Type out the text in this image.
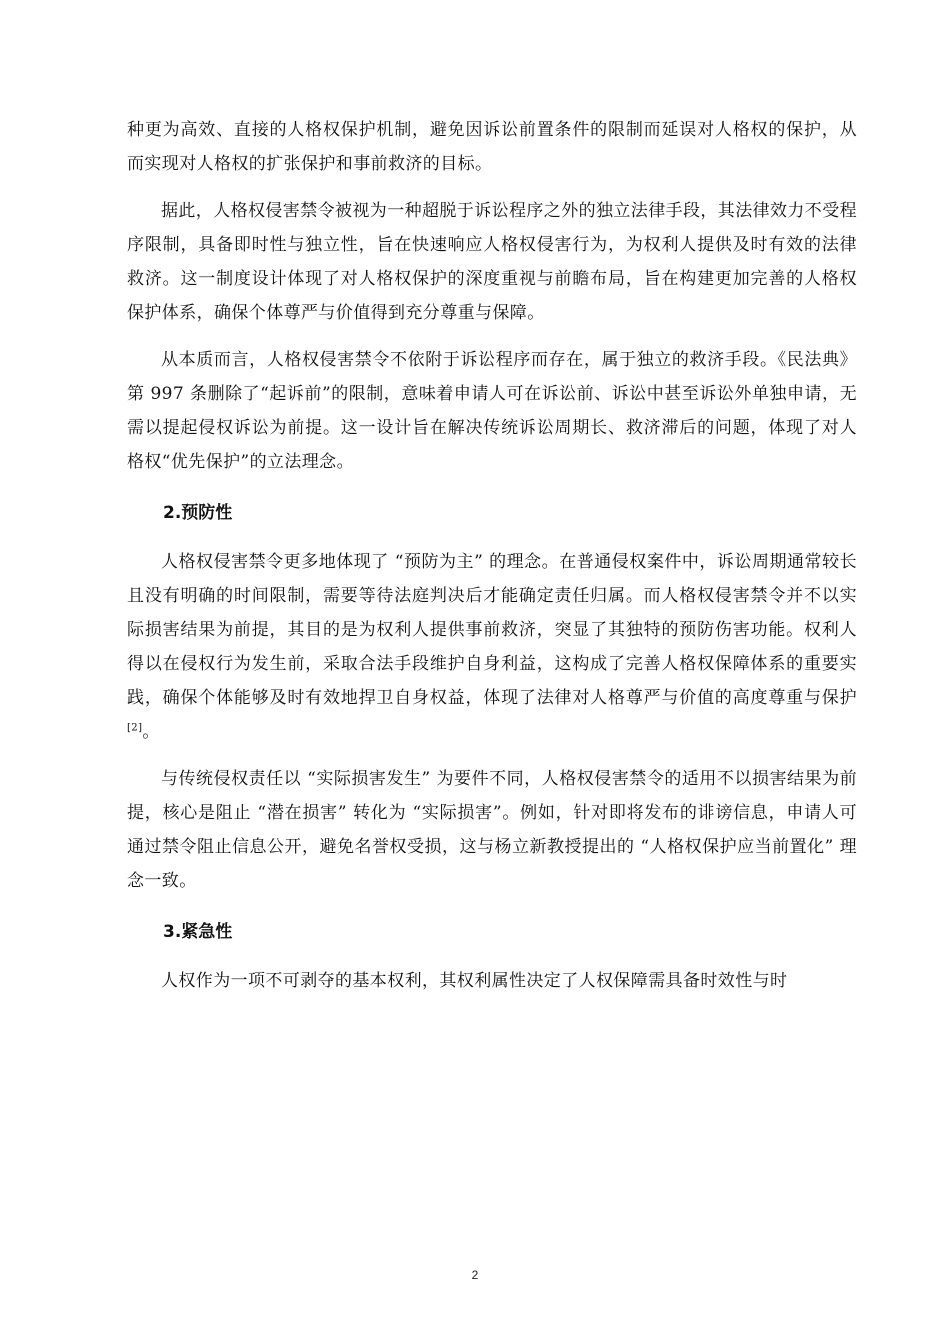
种更为高效、直接的人格权保护机制，避免因诉讼前置条件的限制而延误对人格权的保护，从而实现对人格权的扩张保护和事前救济的目标。

据此，人格权侵害禁令被视为一种超脱于诉讼程序之外的独立法律手段，其法律效力不受程序限制，具备即时性与独立性，旨在快速响应人格权侵害行为，为权利人提供及时有效的法律救济。这一制度设计体现了对人格权保护的深度重视与前瞻布局，旨在构建更加完善的人格权保护体系，确保个体尊严与价值得到充分尊重与保障。

从本质而言，人格权侵害禁令不依附于诉讼程序而存在，属于独立的救济手段。《民法典》第 997 条删除了“起诉前”的限制，意味着申请人可在诉讼前、诉讼中甚至诉讼外单独申请，无需以提起侵权诉讼为前提。这一设计旨在解决传统诉讼周期长、救济滞后的问题，体现了对人格权“优先保护”的立法理念。

2.预防性

人格权侵害禁令更多地体现了 “预防为主” 的理念。在普通侵权案件中，诉讼周期通常较长且没有明确的时间限制，需要等待法庭判决后才能确定责任归属。而人格权侵害禁令并不以实际损害结果为前提，其目的是为权利人提供事前救济，突显了其独特的预防伤害功能。权利人得以在侵权行为发生前，采取合法手段维护自身利益，这构成了完善人格权保障体系的重要实践，确保个体能够及时有效地捍卫自身权益，体现了法律对人格尊严与价值的高度尊重与保护[2]。

与传统侵权责任以 “实际损害发生” 为要件不同，人格权侵害禁令的适用不以损害结果为前提，核心是阻止 “潜在损害” 转化为 “实际损害”。例如，针对即将发布的诽谤信息，申请人可通过禁令阻止信息公开，避免名誉权受损，这与杨立新教授提出的 “人格权保护应当前置化” 理念一致。

3.紧急性

人权作为一项不可剥夺的基本权利，其权利属性决定了人权保障需具备时效性与时

2
